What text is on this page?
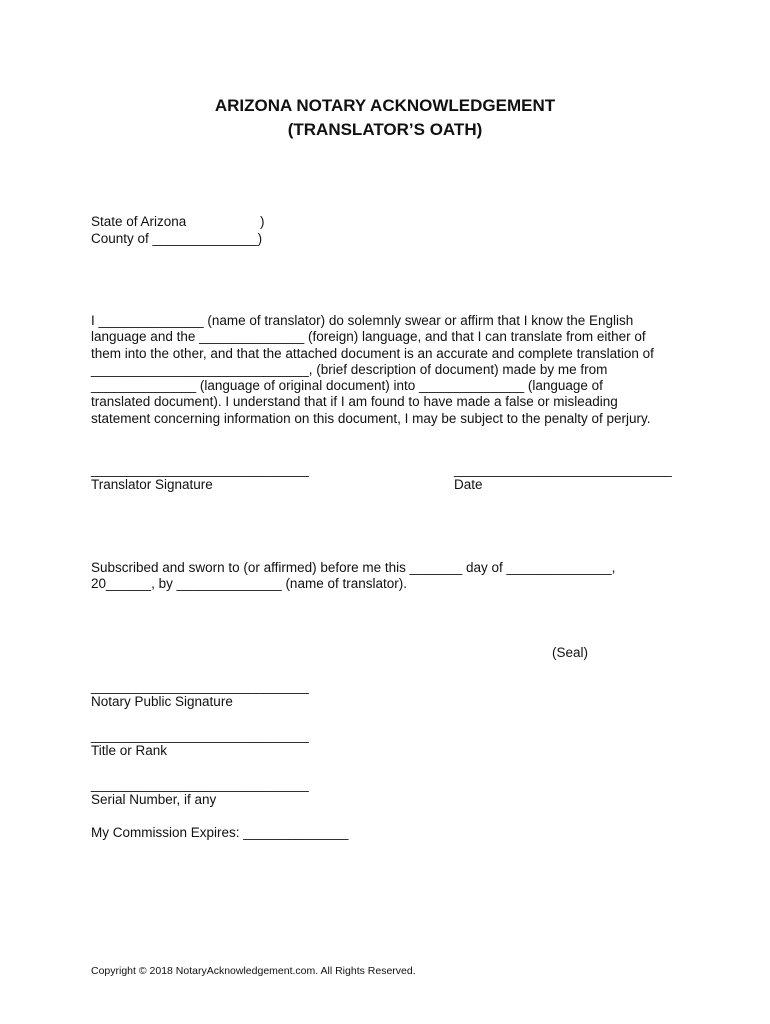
ARIZONA NOTARY ACKNOWLEDGEMENT
(TRANSLATOR’S OATH)
State of Arizona	)
County of ______________)
I ______________ (name of translator) do solemnly swear or affirm that I know the English
language and the ______________ (foreign) language, and that I can translate from either of
them into the other, and that the attached document is an accurate and complete translation of
_____________________________, (brief description of document) made by me from
______________ (language of original document) into ______________ (language of
translated document). I understand that if I am found to have made a false or misleading
statement concerning information on this document, I may be subject to the penalty of perjury.
_____________________________
Translator Signature
_____________________________
Date
Subscribed and sworn to (or affirmed) before me this _______ day of ______________,
20______, by ______________ (name of translator).
(Seal)
_____________________________
Notary Public Signature
_____________________________
Title or Rank
_____________________________
Serial Number, if any
My Commission Expires: ______________
Copyright © 2018 NotaryAcknowledgement.com. All Rights Reserved.
